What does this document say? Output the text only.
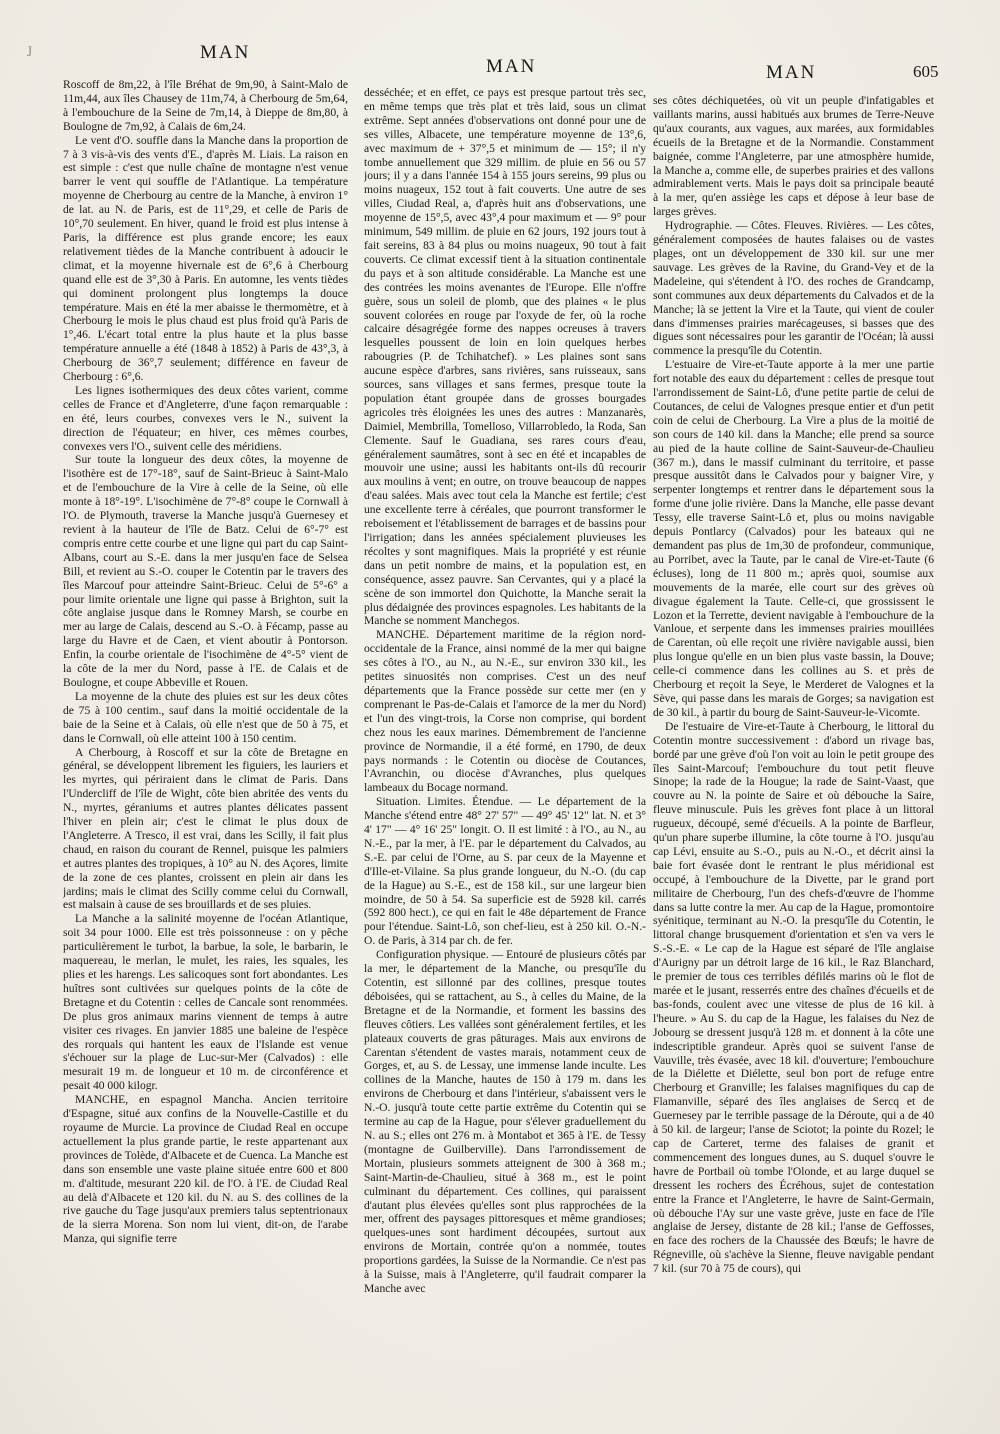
J	MAN
MAN	MAN	605

Roscoff de 8m,22, à l'île Bréhat de 9m,90, à Saint-Malo de 11m,44, aux îles Chausey de 11m,74, à Cherbourg de 5m,64, à l'embouchure de la Seine de 7m,14, à Dieppe de 8m,80, à Boulogne de 7m,92, à Calais de 6m,24.

Le vent d'O. souffle dans la Manche dans la proportion de 7 à 3 vis-à-vis des vents d'E., d'après M. Liais. La raison en est simple : c'est que nulle chaîne de montagne n'est venue barrer le vent qui souffle de l'Atlantique. La température moyenne de Cherbourg au centre de la Manche, à environ 1° de lat. au N. de Paris, est de 11°,29, et celle de Paris de 10°,70 seulement. En hiver, quand le froid est plus intense à Paris, la différence est plus grande encore; les eaux relativement tièdes de la Manche contribuent à adoucir le climat, et la moyenne hivernale est de 6°,6 à Cherbourg quand elle est de 3°,30 à Paris. En automne, les vents tièdes qui dominent prolongent plus longtemps la douce température. Mais en été la mer abaisse le thermomètre, et à Cherbourg le mois le plus chaud est plus froid qu'à Paris de 1°,46. L'écart total entre la plus haute et la plus basse température annuelle a été (1848 à 1852) à Paris de 43°,3, à Cherbourg de 36°,7 seulement; différence en faveur de Cherbourg : 6°,6.

Les lignes isothermiques des deux côtes varient, comme celles de France et d'Angleterre, d'une façon remarquable : en été, leurs courbes, convexes vers le N., suivent la direction de l'équateur; en hiver, ces mêmes courbes, convexes vers l'O., suivent celle des méridiens.

Sur toute la longueur des deux côtes, la moyenne de l'isothère est de 17°-18°, sauf de Saint-Brieuc à Saint-Malo et de l'embouchure de la Vire à celle de la Seine, où elle monte à 18°-19°. L'isochimène de 7°-8° coupe le Cornwall à l'O. de Plymouth, traverse la Manche jusqu'à Guernesey et revient à la hauteur de l'île de Batz. Celui de 6°-7° est compris entre cette courbe et une ligne qui part du cap Saint-Albans, court au S.-E. dans la mer jusqu'en face de Selsea Bill, et revient au S.-O. couper le Cotentin par le travers des îles Marcouf pour atteindre Saint-Brieuc. Celui de 5°-6° a pour limite orientale une ligne qui passe à Brighton, suit la côte anglaise jusque dans le Romney Marsh, se courbe en mer au large de Calais, descend au S.-O. à Fécamp, passe au large du Havre et de Caen, et vient aboutir à Pontorson. Enfin, la courbe orientale de l'isochimène de 4°-5° vient de la côte de la mer du Nord, passe à l'E. de Calais et de Boulogne, et coupe Abbeville et Rouen.

La moyenne de la chute des pluies est sur les deux côtes de 75 à 100 centim., sauf dans la moitié occidentale de la baie de la Seine et à Calais, où elle n'est que de 50 à 75, et dans le Cornwall, où elle atteint 100 à 150 centim.

A Cherbourg, à Roscoff et sur la côte de Bretagne en général, se développent librement les figuiers, les lauriers et les myrtes, qui périraient dans le climat de Paris. Dans l'Undercliff de l'île de Wight, côte bien abritée des vents du N., myrtes, géraniums et autres plantes délicates passent l'hiver en plein air; c'est le climat le plus doux de l'Angleterre. A Tresco, il est vrai, dans les Scilly, il fait plus chaud, en raison du courant de Rennel, puisque les palmiers et autres plantes des tropiques, à 10° au N. des Açores, limite de la zone de ces plantes, croissent en plein air dans les jardins; mais le climat des Scilly comme celui du Cornwall, est malsain à cause de ses brouillards et de ses pluies.

La Manche a la salinité moyenne de l'océan Atlantique, soit 34 pour 1000. Elle est très poissonneuse : on y pêche particulièrement le turbot, la barbue, la sole, le barbarin, le maquereau, le merlan, le mulet, les raies, les squales, les plies et les harengs. Les salicoques sont fort abondantes. Les huîtres sont cultivées sur quelques points de la côte de Bretagne et du Cotentin : celles de Cancale sont renommées. De plus gros animaux marins viennent de temps à autre visiter ces rivages. En janvier 1885 une baleine de l'espèce des rorquals qui hantent les eaux de l'Islande est venue s'échouer sur la plage de Luc-sur-Mer (Calvados) : elle mesurait 19 m. de longueur et 10 m. de circonférence et pesait 40 000 kilogr.

MANCHE, en espagnol Mancha. Ancien territoire d'Espagne, situé aux confins de la Nouvelle-Castille et du royaume de Murcie. La province de Ciudad Real en occupe actuellement la plus grande partie, le reste appartenant aux provinces de Tolède, d'Albacete et de Cuenca. La Manche est dans son ensemble une vaste plaine située entre 600 et 800 m. d'altitude, mesurant 220 kil. de l'O. à l'E. de Ciudad Real au delà d'Albacete et 120 kil. du N. au S. des collines de la rive gauche du Tage jusqu'aux premiers talus septentrionaux de la sierra Morena. Son nom lui vient, dit-on, de l'arabe Manza, qui signifie terre

desséchée; et en effet, ce pays est presque partout très sec, en même temps que très plat et très laid, sous un climat extrême. Sept années d'observations ont donné pour une de ses villes, Albacete, une température moyenne de 13°,6, avec maximum de + 37°,5 et minimum de — 15°; il n'y tombe annuellement que 329 millim. de pluie en 56 ou 57 jours; il y a dans l'année 154 à 155 jours sereins, 99 plus ou moins nuageux, 152 tout à fait couverts. Une autre de ses villes, Ciudad Real, a, d'après huit ans d'observations, une moyenne de 15°,5, avec 43°,4 pour maximum et — 9° pour minimum, 549 millim. de pluie en 62 jours, 192 jours tout à fait sereins, 83 à 84 plus ou moins nuageux, 90 tout à fait couverts. Ce climat excessif tient à la situation continentale du pays et à son altitude considérable. La Manche est une des contrées les moins avenantes de l'Europe. Elle n'offre guère, sous un soleil de plomb, que des plaines « le plus souvent colorées en rouge par l'oxyde de fer, où la roche calcaire désagrégée forme des nappes ocreuses à travers lesquelles poussent de loin en loin quelques herbes rabougries (P. de Tchihatchef). » Les plaines sont sans aucune espèce d'arbres, sans rivières, sans ruisseaux, sans sources, sans villages et sans fermes, presque toute la population étant groupée dans de grosses bourgades agricoles très éloignées les unes des autres : Manzanarès, Daimiel, Membrilla, Tomelloso, Villarrobledo, la Roda, San Clemente. Sauf le Guadiana, ses rares cours d'eau, généralement saumâtres, sont à sec en été et incapables de mouvoir une usine; aussi les habitants ont-ils dû recourir aux moulins à vent; en outre, on trouve beaucoup de nappes d'eau salées. Mais avec tout cela la Manche est fertile; c'est une excellente terre à céréales, que pourront transformer le reboisement et l'établissement de barrages et de bassins pour l'irrigation; dans les années spécialement pluvieuses les récoltes y sont magnifiques. Mais la propriété y est réunie dans un petit nombre de mains, et la population est, en conséquence, assez pauvre. San Cervantes, qui y a placé la scène de son immortel don Quichotte, la Manche serait la plus dédaignée des provinces espagnoles. Les habitants de la Manche se nomment Manchegos.

MANCHE. Département maritime de la région nord-occidentale de la France, ainsi nommé de la mer qui baigne ses côtes à l'O., au N., au N.-E., sur environ 330 kil., les petites sinuosités non comprises. C'est un des neuf départements que la France possède sur cette mer (en y comprenant le Pas-de-Calais et l'amorce de la mer du Nord) et l'un des vingt-trois, la Corse non comprise, qui bordent chez nous les eaux marines. Démembrement de l'ancienne province de Normandie, il a été formé, en 1790, de deux pays normands : le Cotentin ou diocèse de Coutances, l'Avranchin, ou diocèse d'Avranches, plus quelques lambeaux du Bocage normand.

Situation. Limites. Étendue. — Le département de la Manche s'étend entre 48° 27' 57" — 49° 45' 12" lat. N. et 3° 4' 17" — 4° 16' 25" longit. O. Il est limité : à l'O., au N., au N.-E., par la mer, à l'E. par le département du Calvados, au S.-E. par celui de l'Orne, au S. par ceux de la Mayenne et d'Ille-et-Vilaine. Sa plus grande longueur, du N.-O. (du cap de la Hague) au S.-E., est de 158 kil., sur une largeur bien moindre, de 50 à 54. Sa superficie est de 5928 kil. carrés (592 800 hect.), ce qui en fait le 48e département de France pour l'étendue. Saint-Lô, son chef-lieu, est à 250 kil. O.-N.-O. de Paris, à 314 par ch. de fer.

Configuration physique. — Entouré de plusieurs côtés par la mer, le département de la Manche, ou presqu'île du Cotentin, est sillonné par des collines, presque toutes déboisées, qui se rattachent, au S., à celles du Maine, de la Bretagne et de la Normandie, et forment les bassins des fleuves côtiers. Les vallées sont généralement fertiles, et les plateaux couverts de gras pâturages. Mais aux environs de Carentan s'étendent de vastes marais, notamment ceux de Gorges, et, au S. de Lessay, une immense lande inculte. Les collines de la Manche, hautes de 150 à 179 m. dans les environs de Cherbourg et dans l'intérieur, s'abaissent vers le N.-O. jusqu'à toute cette partie extrême du Cotentin qui se termine au cap de la Hague, pour s'élever graduellement du N. au S.; elles ont 276 m. à Montabot et 365 à l'E. de Tessy (montagne de Guilberville). Dans l'arrondissement de Mortain, plusieurs sommets atteignent de 300 à 368 m.; Saint-Martin-de-Chaulieu, situé à 368 m., est le point culminant du département. Ces collines, qui paraissent d'autant plus élevées qu'elles sont plus rapprochées de la mer, offrent des paysages pittoresques et même grandioses; quelques-unes sont hardiment découpées, surtout aux environs de Mortain, contrée qu'on a nommée, toutes proportions gardées, la Suisse de la Normandie. Ce n'est pas à la Suisse, mais à l'Angleterre, qu'il faudrait comparer la Manche avec

ses côtes déchiquetées, où vit un peuple d'infatigables et vaillants marins, aussi habitués aux brumes de Terre-Neuve qu'aux courants, aux vagues, aux marées, aux formidables écueils de la Bretagne et de la Normandie. Constamment baignée, comme l'Angleterre, par une atmosphère humide, la Manche a, comme elle, de superbes prairies et des vallons admirablement verts. Mais le pays doit sa principale beauté à la mer, qu'en assiège les caps et dépose à leur base de larges grèves.

Hydrographie. — Côtes. Fleuves. Rivières. — Les côtes, généralement composées de hautes falaises ou de vastes plages, ont un développement de 330 kil. sur une mer sauvage. Les grèves de la Ravine, du Grand-Vey et de la Madeleine, qui s'étendent à l'O. des roches de Grandcamp, sont communes aux deux départements du Calvados et de la Manche; là se jettent la Vire et la Taute, qui vient de couler dans d'immenses prairies marécageuses, si basses que des digues sont nécessaires pour les garantir de l'Océan; là aussi commence la presqu'île du Cotentin.

L'estuaire de Vire-et-Taute apporte à la mer une partie fort notable des eaux du département : celles de presque tout l'arrondissement de Saint-Lô, d'une petite partie de celui de Coutances, de celui de Valognes presque entier et d'un petit coin de celui de Cherbourg. La Vire a plus de la moitié de son cours de 140 kil. dans la Manche; elle prend sa source au pied de la haute colline de Saint-Sauveur-de-Chaulieu (367 m.), dans le massif culminant du territoire, et passe presque aussitôt dans le Calvados pour y baigner Vire, y serpenter longtemps et rentrer dans le département sous la forme d'une jolie rivière. Dans la Manche, elle passe devant Tessy, elle traverse Saint-Lô et, plus ou moins navigable depuis Pontlarcy (Calvados) pour les bateaux qui ne demandent pas plus de 1m,30 de profondeur, communique, au Porribet, avec la Taute, par le canal de Vire-et-Taute (6 écluses), long de 11 800 m.; après quoi, soumise aux mouvements de la marée, elle court sur des grèves où divague également la Taute. Celle-ci, que grossissent le Lozon et la Terrette, devient navigable à l'embouchure de la Vanloue, et serpente dans les immenses prairies mouillées de Carentan, où elle reçoit une rivière navigable aussi, bien plus longue qu'elle en un bien plus vaste bassin, la Douve; celle-ci commence dans les collines au S. et près de Cherbourg et reçoit la Seye, le Merderet de Valognes et la Sève, qui passe dans les marais de Gorges; sa navigation est de 30 kil., à partir du bourg de Saint-Sauveur-le-Vicomte.

De l'estuaire de Vire-et-Taute à Cherbourg, le littoral du Cotentin montre successivement : d'abord un rivage bas, bordé par une grève d'où l'on voit au loin le petit groupe des îles Saint-Marcouf; l'embouchure du tout petit fleuve Sinope; la rade de la Hougue; la rade de Saint-Vaast, que couvre au N. la pointe de Saire et où débouche la Saire, fleuve minuscule. Puis les grèves font place à un littoral rugueux, découpé, semé d'écueils. A la pointe de Barfleur, qu'un phare superbe illumine, la côte tourne à l'O. jusqu'au cap Lévi, ensuite au S.-O., puis au N.-O., et décrit ainsi la baie fort évasée dont le rentrant le plus méridional est occupé, à l'embouchure de la Divette, par le grand port militaire de Cherbourg, l'un des chefs-d'œuvre de l'homme dans sa lutte contre la mer. Au cap de la Hague, promontoire syénitique, terminant au N.-O. la presqu'île du Cotentin, le littoral change brusquement d'orientation et s'en va vers le S.-S.-E. « Le cap de la Hague est séparé de l'île anglaise d'Aurigny par un détroit large de 16 kil., le Raz Blanchard, le premier de tous ces terribles défilés marins où le flot de marée et le jusant, resserrés entre des chaînes d'écueils et de bas-fonds, coulent avec une vitesse de plus de 16 kil. à l'heure. » Au S. du cap de la Hague, les falaises du Nez de Jobourg se dressent jusqu'à 128 m. et donnent à la côte une indescriptible grandeur. Après quoi se suivent l'anse de Vauville, très évasée, avec 18 kil. d'ouverture; l'embouchure de la Diélette et Diélette, seul bon port de refuge entre Cherbourg et Granville; les falaises magnifiques du cap de Flamanville, séparé des îles anglaises de Sercq et de Guernesey par le terrible passage de la Déroute, qui a de 40 à 50 kil. de largeur; l'anse de Sciotot; la pointe du Rozel; le cap de Carteret, terme des falaises de granit et commencement des longues dunes, au S. duquel s'ouvre le havre de Portbail où tombe l'Olonde, et au large duquel se dressent les rochers des Écréhous, sujet de contestation entre la France et l'Angleterre, le havre de Saint-Germain, où débouche l'Ay sur une vaste grève, juste en face de l'île anglaise de Jersey, distante de 28 kil.; l'anse de Geffosses, en face des rochers de la Chaussée des Bœufs; le havre de Régneville, où s'achève la Sienne, fleuve navigable pendant 7 kil. (sur 70 à 75 de cours), qui
